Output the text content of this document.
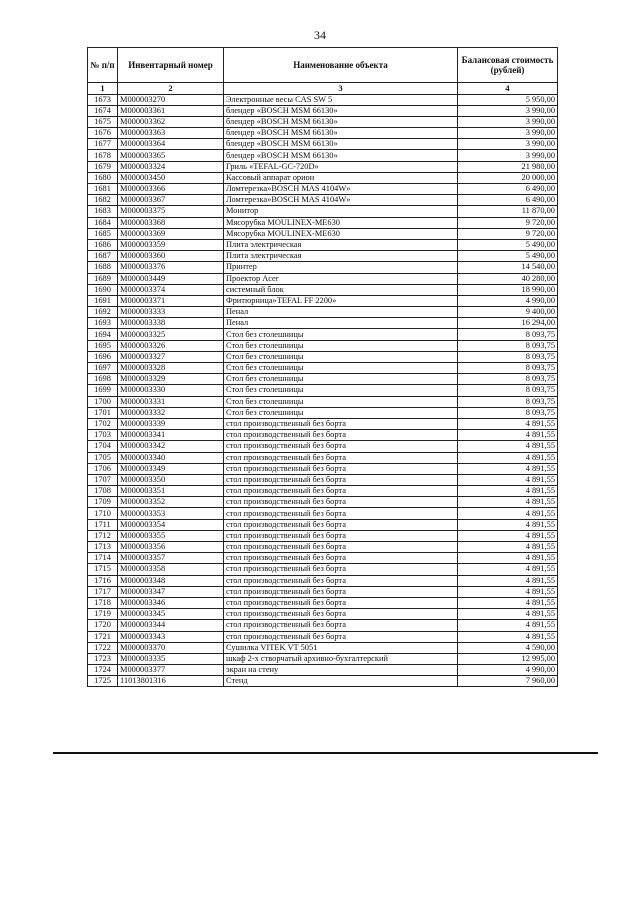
34
№ п/п	Инвентарный номер	Наименование объекта	Балансовая стоимость (рублей)
1	2	3	4
1673	M000003270	Электронные весы CAS SW 5	5 950,00
1674	M000003361	блендер «BOSCH MSM 66130»	3 990,00
1675	M000003362	блендер «BOSCH MSM 66130»	3 990,00
1676	M000003363	блендер «BOSCH MSM 66130»	3 990,00
1677	M000003364	блендер «BOSCH MSM 66130»	3 990,00
1678	M000003365	блендер «BOSCH MSM 66130»	3 990,00
1679	M000003324	Гриль «TEFAL-GC-720D»	21 980,00
1680	M000003450	Кассовый аппарат орион	20 000,00
1681	M000003366	Ломтерезка»BOSCH MAS 4104W»	6 490,00
1682	M000003367	Ломтерезка»BOSCH MAS 4104W»	6 490,00
1683	M000003375	Монитор	11 870,00
1684	M000003368	Мясорубка MOULINEX-ME630	9 720,00
1685	M000003369	Мясорубка MOULINEX-ME630	9 720,00
1686	M000003359	Плита электрическая	5 490,00
1687	M000003360	Плита электрическая	5 490,00
1688	M000003376	Принтер	14 540,00
1689	M000003449	Проектор Acer	40 280,00
1690	M000003374	системный блок	18 990,00
1691	M000003371	Фритюрница»TEFAL FF 2200»	4 990,00
1692	M000003333	Пенал	9 400,00
1693	M000003338	Пенал	16 294,00
1694	M000003325	Стол без столешницы	8 093,75
1695	M000003326	Стол без столешницы	8 093,75
1696	M000003327	Стол без столешницы	8 093,75
1697	M000003328	Стол без столешницы	8 093,75
1698	M000003329	Стол без столешницы	8 093,75
1699	M000003330	Стол без столешницы	8 093,75
1700	M000003331	Стол без столешницы	8 093,75
1701	M000003332	Стол без столешницы	8 093,75
1702	M000003339	стол производственный без борта	4 891,55
1703	M000003341	стол производственный без борта	4 891,55
1704	M000003342	стол производственный без борта	4 891,55
1705	M000003340	стол производственный без борта	4 891,55
1706	M000003349	стол производственный без борта	4 891,55
1707	M000003350	стол производственный без борта	4 891,55
1708	M000003351	стол производственный без борта	4 891,55
1709	M000003352	стол производственный без борта	4 891,55
1710	M000003353	стол производственный без борта	4 891,55
1711	M000003354	стол производственный без борта	4 891,55
1712	M000003355	стол производственный без борта	4 891,55
1713	M000003356	стол производственный без борта	4 891,55
1714	M000003357	стол производственный без борта	4 891,55
1715	M000003358	стол производственный без борта	4 891,55
1716	M000003348	стол производственный без борта	4 891,55
1717	M000003347	стол производственный без борта	4 891,55
1718	M000003346	стол производственный без борта	4 891,55
1719	M000003345	стол производственный без борта	4 891,55
1720	M000003344	стол производственный без борта	4 891,55
1721	M000003343	стол производственный без борта	4 891,55
1722	M000003370	Сушилка VITEK VT 5051	4 590,00
1723	M000003335	шкаф 2-х створчатый архивно-бухгалтерский	12 995,00
1724	M000003377	экран на стену	4 990,00
1725	11013801316	Стенд	7 960,00
